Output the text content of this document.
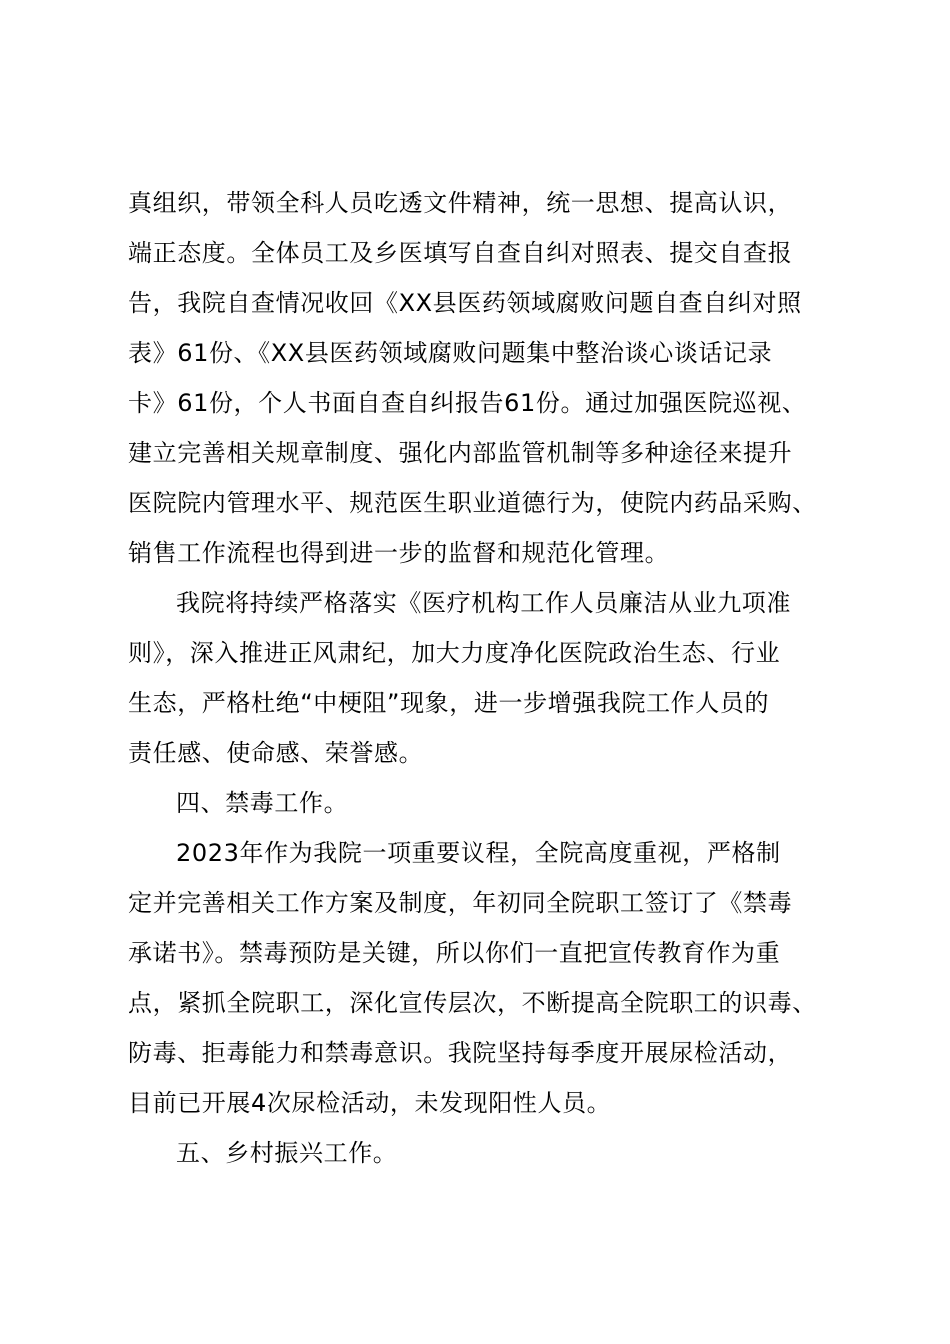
真组织，带领全科人员吃透文件精神，统一思想、提高认识，
端正态度。全体员工及乡医填写自查自纠对照表、提交自查报
告，我院自查情况收回《XX县医药领域腐败问题自查自纠对照
表》61份、《XX县医药领域腐败问题集中整治谈心谈话记录
卡》61份，个人书面自查自纠报告61份。通过加强医院巡视、
建立完善相关规章制度、强化内部监管机制等多种途径来提升
医院院内管理水平、规范医生职业道德行为，使院内药品采购、
销售工作流程也得到进一步的监督和规范化管理。
我院将持续严格落实《医疗机构工作人员廉洁从业九项准
则》，深入推进正风肃纪，加大力度净化医院政治生态、行业
生态，严格杜绝“中梗阻”现象，进一步增强我院工作人员的
责任感、使命感、荣誉感。
四、禁毒工作。
2023年作为我院一项重要议程，全院高度重视，严格制
定并完善相关工作方案及制度，年初同全院职工签订了《禁毒
承诺书》。禁毒预防是关键，所以你们一直把宣传教育作为重
点，紧抓全院职工，深化宣传层次，不断提高全院职工的识毒、
防毒、拒毒能力和禁毒意识。我院坚持每季度开展尿检活动，
目前已开展4次尿检活动，未发现阳性人员。
五、乡村振兴工作。
